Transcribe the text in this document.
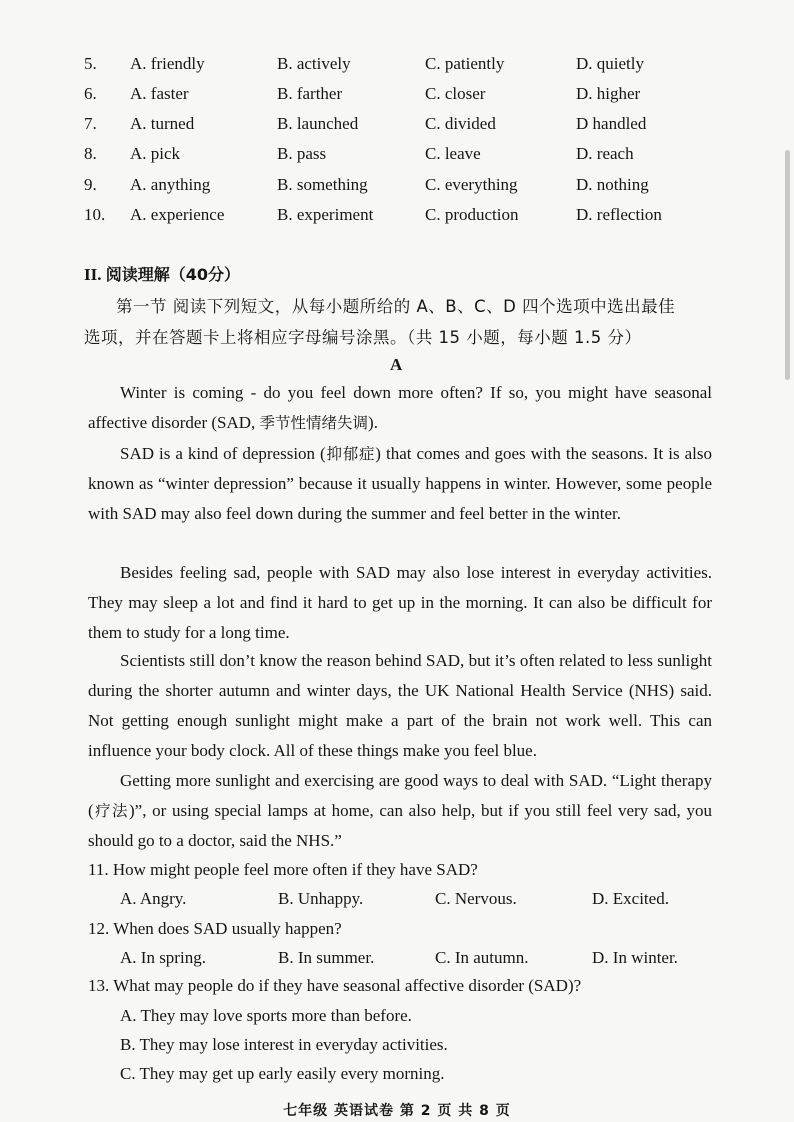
5. A. friendly	B. actively	C. patiently	D. quietly
6. A. faster	B. farther	C. closer	D. higher
7. A. turned	B. launched	C. divided	D handled
8. A. pick	B. pass	C. leave	D. reach
9. A. anything	B. something	C. everything	D. nothing
10. A. experience	B. experiment	C. production	D. reflection
II. 阅读理解（40分）
第一节 阅读下列短文，从每小题所给的 A、B、C、D 四个选项中选出最佳
选项，并在答题卡上将相应字母编号涂黑。（共 15 小题，每小题 1.5 分）
A
Winter is coming - do you feel down more often? If so, you might have seasonal affective disorder (SAD, 季节性情绪失调).
SAD is a kind of depression (抑郁症) that comes and goes with the seasons. It is also known as “winter depression” because it usually happens in winter. However, some people with SAD may also feel down during the summer and feel better in the winter.
Besides feeling sad, people with SAD may also lose interest in everyday activities. They may sleep a lot and find it hard to get up in the morning. It can also be difficult for them to study for a long time.
Scientists still don’t know the reason behind SAD, but it’s often related to less sunlight during the shorter autumn and winter days, the UK National Health Service (NHS) said. Not getting enough sunlight might make a part of the brain not work well. This can influence your body clock. All of these things make you feel blue.
Getting more sunlight and exercising are good ways to deal with SAD. “Light therapy (疗法)”, or using special lamps at home, can also help, but if you still feel very sad, you should go to a doctor, said the NHS.”
11. How might people feel more often if they have SAD?
A. Angry.	B. Unhappy.	C. Nervous.	D. Excited.
12. When does SAD usually happen?
A. In spring.	B. In summer.	C. In autumn.	D. In winter.
13. What may people do if they have seasonal affective disorder (SAD)?
A. They may love sports more than before.
B. They may lose interest in everyday activities.
C. They may get up early easily every morning.
七年级 英语试卷 第 2 页 共 8 页
